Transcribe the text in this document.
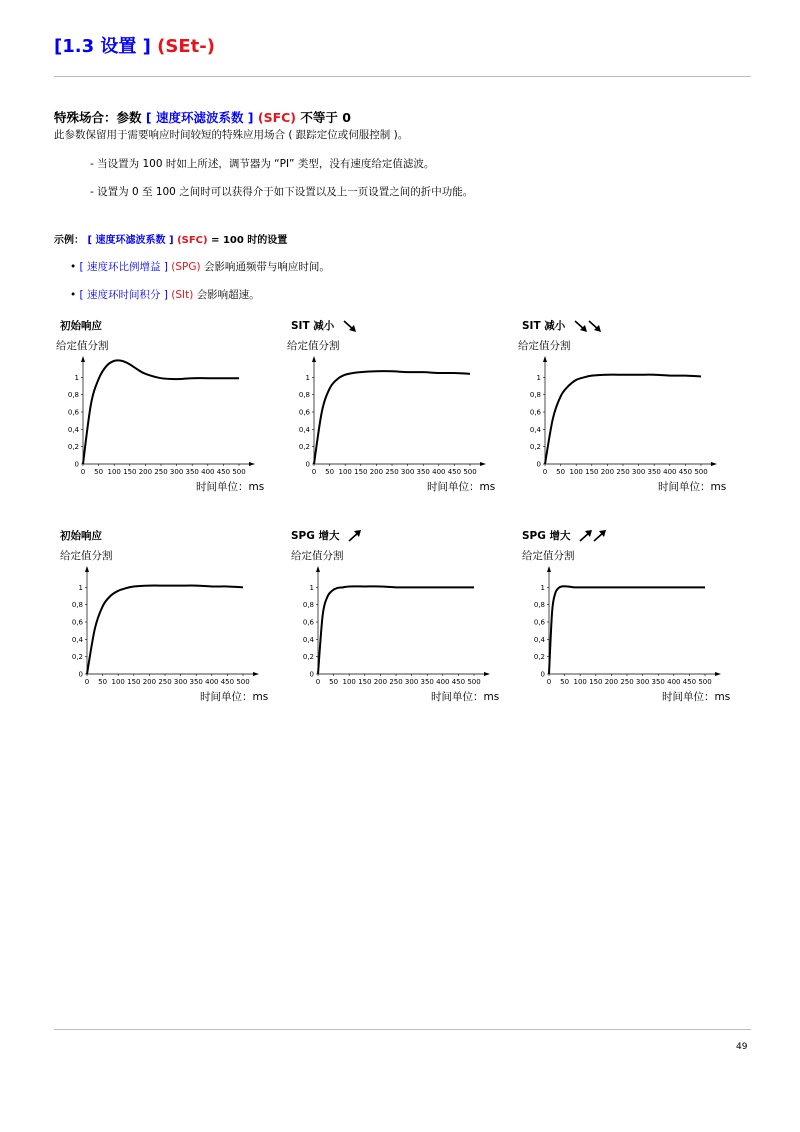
[1.3 设置 ] (SEt-)
特殊场合：参数 [ 速度环滤波系数 ] (SFC) 不等于 0
此参数保留用于需要响应时间较短的特殊应用场合 ( 跟踪定位或伺服控制 )。
- 当设置为 100 时如上所述，调节器为 “PI” 类型，没有速度给定值滤波。
- 设置为 0 至 100 之间时可以获得介于如下设置以及上一页设置之间的折中功能。
示例： [ 速度环滤波系数 ] (SFC) = 100 时的设置
• [ 速度环比例增益 ] (SPG) 会影响通频带与响应时间。
• [ 速度环时间积分 ] (SIt) 会影响超速。
初始响应
给定值分割
0
0,2
0,4
0,6
0,8
1
0 50 100 150 200 250 300 350 400 450 500
时间单位：ms
SIT 减小
给定值分割
0
0,2
0,4
0,6
0,8
1
0 50 100 150 200 250 300 350 400 450 500
时间单位：ms
SIT 减小
给定值分割
0
0,2
0,4
0,6
0,8
1
0 50 100 150 200 250 300 350 400 450 500
时间单位：ms
初始响应
给定值分割
0
0,2
0,4
0,6
0,8
1
0 50 100 150 200 250 300 350 400 450 500
时间单位：ms
SPG 增大
给定值分割
0
0,2
0,4
0,6
0,8
1
0 50 100 150 200 250 300 350 400 450 500
时间单位：ms
SPG 增大
给定值分割
0
0,2
0,4
0,6
0,8
1
0 50 100 150 200 250 300 350 400 450 500
时间单位：ms
49
